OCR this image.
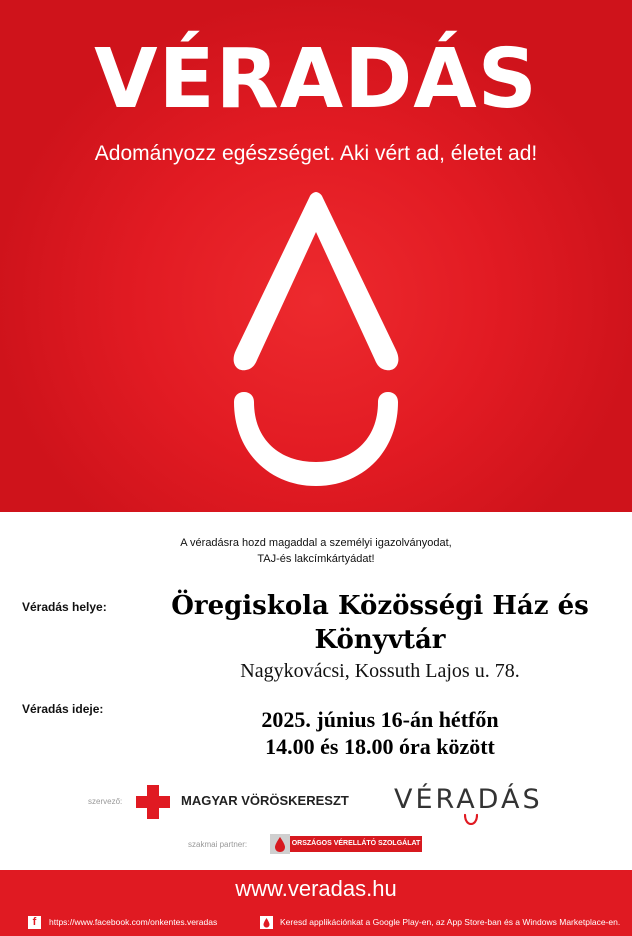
VÉRADÁS
Adományozz egészséget. Aki vért ad, életet ad!
A véradásra hozd magaddal a személyi igazolványodat,
TAJ-és lakcímkártyádat!
Véradás helye:	Öregiskola Közösségi Ház és
Könyvtár
Nagykovácsi, Kossuth Lajos u. 78.
Véradás ideje:	2025. június 16-án hétfőn
14.00 és 18.00 óra között
szervező:	MAGYAR VÖRÖSKERESZT VÉRADÁS
szakmai partner:	ORSZÁGOS VÉRELLÁTÓ SZOLGÁLAT
www.veradas.hu
f	https://www.facebook.com/onkentes.veradas	Keresd applikációnkat a Google Play-en, az App Store-ban és a Windows Marketplace-en.
